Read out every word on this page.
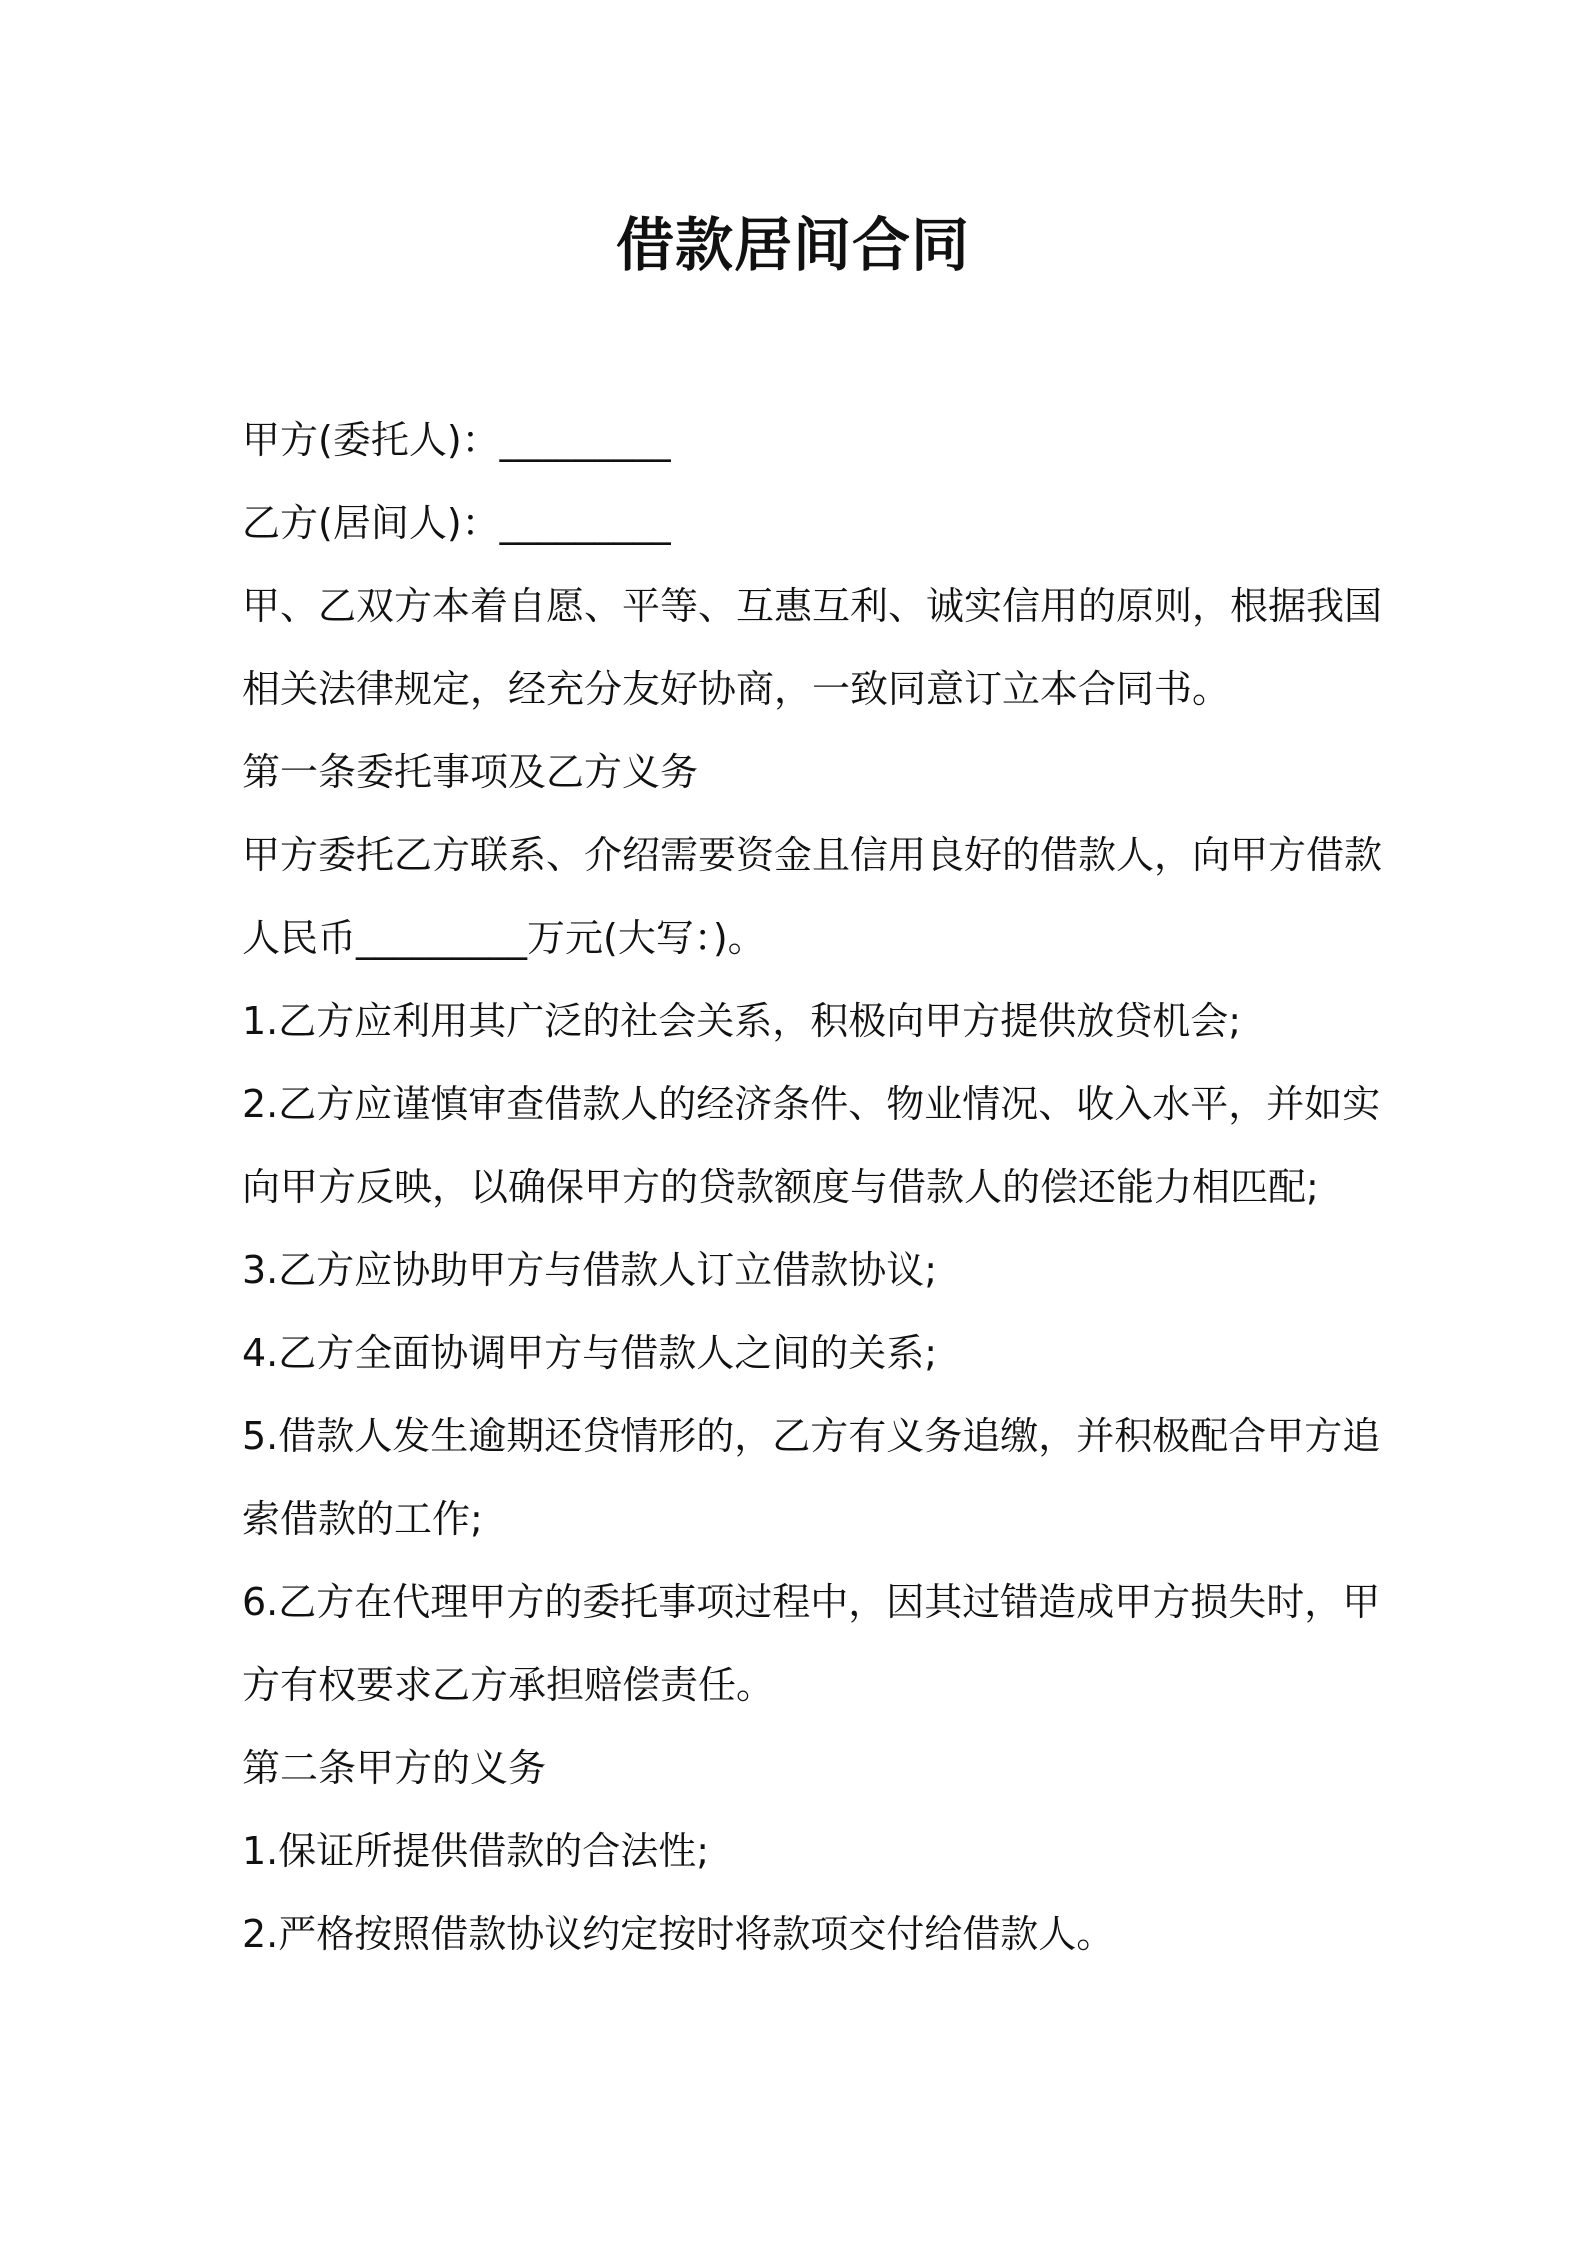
借款居间合同
甲方(委托人)：_________
乙方(居间人)：_________
甲、乙双方本着自愿、平等、互惠互利、诚实信用的原则，根据我国
相关法律规定，经充分友好协商，一致同意订立本合同书。
第一条委托事项及乙方义务
甲方委托乙方联系、介绍需要资金且信用良好的借款人，向甲方借款
人民币_________万元(大写：)。
1.乙方应利用其广泛的社会关系，积极向甲方提供放贷机会;
2.乙方应谨慎审查借款人的经济条件、物业情况、收入水平，并如实
向甲方反映，以确保甲方的贷款额度与借款人的偿还能力相匹配;
3.乙方应协助甲方与借款人订立借款协议;
4.乙方全面协调甲方与借款人之间的关系;
5.借款人发生逾期还贷情形的，乙方有义务追缴，并积极配合甲方追
索借款的工作;
6.乙方在代理甲方的委托事项过程中，因其过错造成甲方损失时，甲
方有权要求乙方承担赔偿责任。
第二条甲方的义务
1.保证所提供借款的合法性;
2.严格按照借款协议约定按时将款项交付给借款人。
